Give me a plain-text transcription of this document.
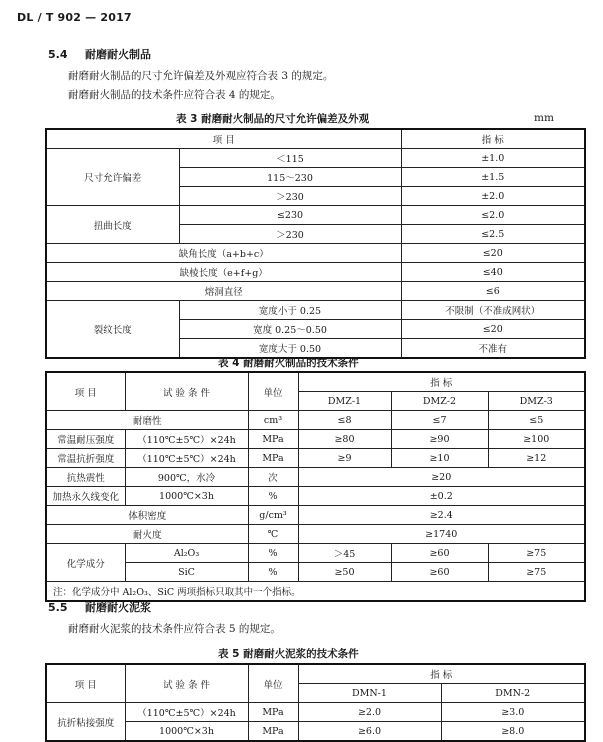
DL / T 902 — 2017
5.4 耐磨耐火制品
耐磨耐火制品的尺寸允许偏差及外观应符合表 3 的规定。
耐磨耐火制品的技术条件应符合表 4 的规定。
表 3 耐磨耐火制品的尺寸允许偏差及外观	mm
项 目		指 标
尺寸允许偏差	＜115	±1.0
	115～230	±1.5
	＞230	±2.0
扭曲长度	≤230	≤2.0
	＞230	≤2.5
缺角长度（a+b+c）		≤20
缺棱长度（e+f+g）		≤40
熔洞直径		≤6
裂纹长度	宽度小于 0.25	不限制（不准成网状）
	宽度 0.25～0.50	≤20
	宽度大于 0.50	不准有
表 4 耐磨耐火制品的技术条件
项 目	试 验 条 件	单位	指 标		
			DMZ-1	DMZ-2	DMZ-3
耐磨性		cm³	≤8	≤7	≤5
常温耐压强度	（110℃±5℃）×24h	MPa	≥80	≥90	≥100
常温抗折强度	（110℃±5℃）×24h	MPa	≥9	≥10	≥12
抗热震性	900℃，水冷	次	≥20		
加热永久线变化	1000℃×3h	%	±0.2		
体积密度		g/cm³	≥2.4		
耐火度		℃	≥1740		
化学成分	Al₂O₃	%	＞45	≥60	≥75
	SiC	%	≥50	≥60	≥75
注：化学成分中 Al₂O₃、SiC 两项指标只取其中一个指标。					
5.5 耐磨耐火泥浆
耐磨耐火泥浆的技术条件应符合表 5 的规定。
表 5 耐磨耐火泥浆的技术条件
项 目	试 验 条 件	单位	指 标	
			DMN-1	DMN-2
抗折粘接强度	（110℃±5℃）×24h	MPa	≥2.0	≥3.0
	1000℃×3h	MPa	≥6.0	≥8.0
